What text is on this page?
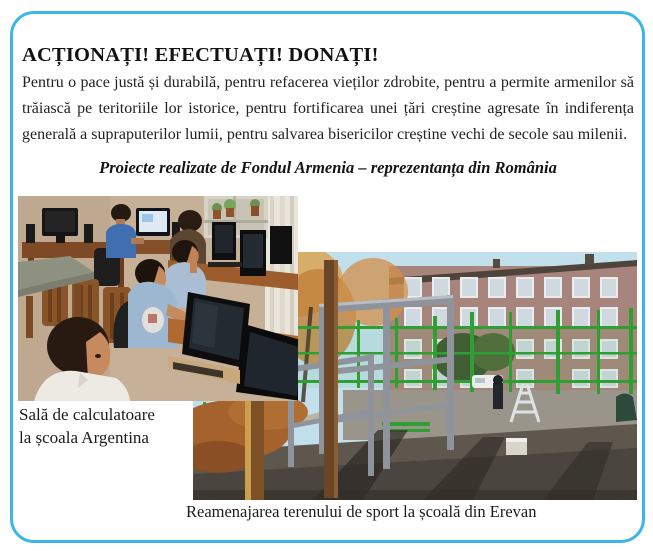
ACȚIONAȚI! EFECTUAȚI! DONAȚI!
Pentru o pace justă și durabilă, pentru refacerea vieților zdrobite, pentru a permite armenilor să
trăiască pe teritoriile lor istorice, pentru fortificarea unei țări creștine agresate în indiferența
generală a supraputerilor lumii, pentru salvarea bisericilor creștine vechi de secole sau milenii.
Proiecte realizate de Fondul Armenia – reprezentanța din România
Sală de calculatoare
la școala Argentina
Reamenajarea terenului de sport la școală din Erevan
